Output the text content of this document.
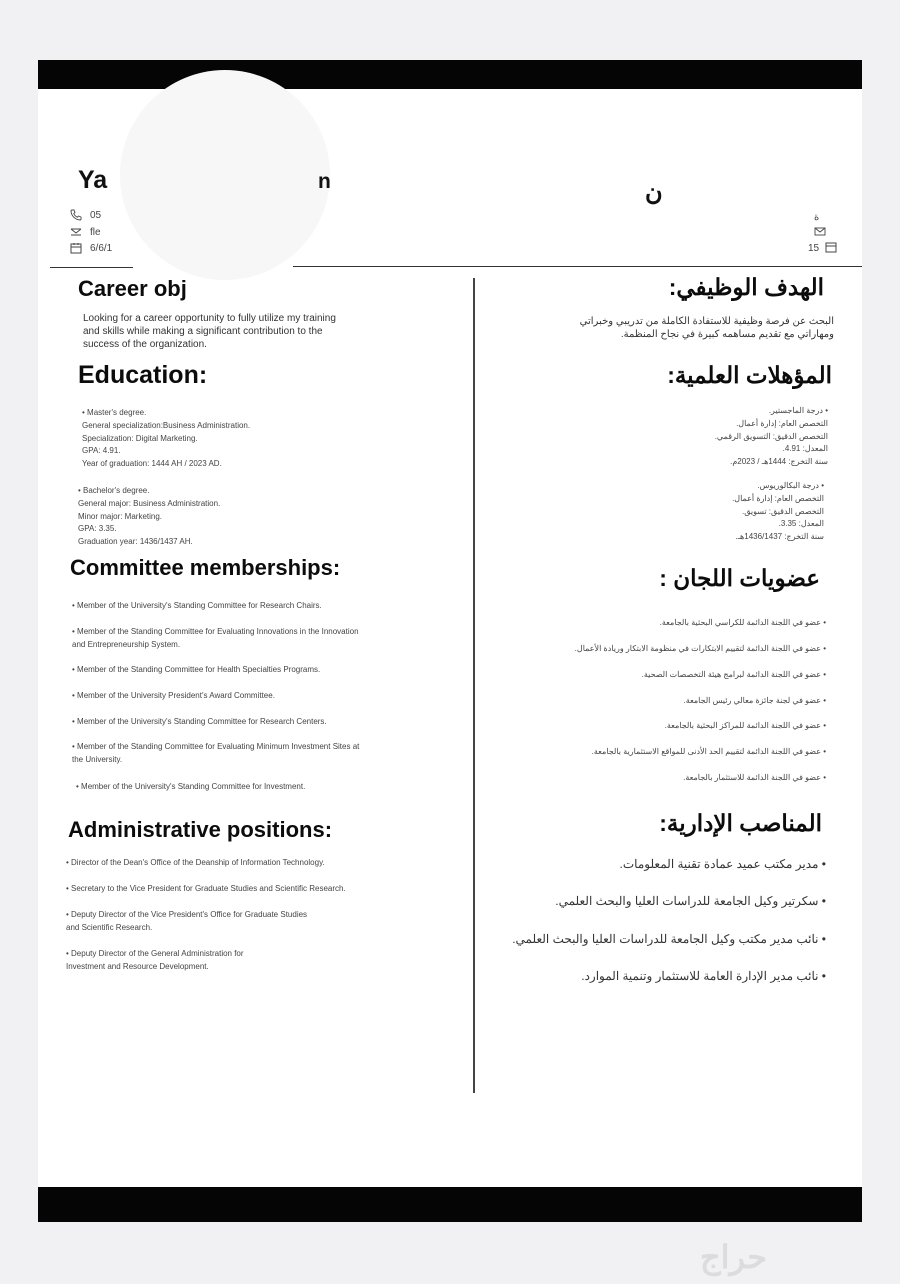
Ya	n	ن
05
fle
6/6/1
ة
15
Career obj	الهدف الوظيفي:
Looking for a career opportunity to fully utilize my training
and skills while making a significant contribution to the
success of the organization.
البحث عن فرصة وظيفية للاستفادة الكاملة من تدريبي وخبراتي
ومهاراتي مع تقديم مساهمه كبيرة في نجاح المنظمة.
Education:	المؤهلات العلمية:
• Master's degree.
General specialization:Business Administration.
Specialization: Digital Marketing.
GPA: 4.91.
Year of graduation: 1444 AH / 2023 AD.
• Bachelor's degree.
General major: Business Administration.
Minor major: Marketing.
GPA: 3.35.
Graduation year: 1436/1437 AH.
• درجة الماجستير.
التخصص العام: إدارة أعمال.
التخصص الدقيق: التسويق الرقمي.
المعدل: 4.91.
سنة التخرج: 1444هـ / 2023م.
• درجة البكالوريوس.
التخصص العام: إدارة أعمال.
التخصص الدقيق: تسويق.
المعدل: 3.35.
سنة التخرج: 1436/1437هـ.
Committee memberships:	عضويات اللجان :
• Member of the University's Standing Committee for Research Chairs.
• Member of the Standing Committee for Evaluating Innovations in the Innovation
and Entrepreneurship System.
• Member of the Standing Committee for Health Specialties Programs.
• Member of the University President's Award Committee.
• Member of the University's Standing Committee for Research Centers.
• Member of the Standing Committee for Evaluating Minimum Investment Sites at
the University.
• Member of the University's Standing Committee for Investment.
• عضو في اللجنة الدائمة للكراسي البحثية بالجامعة.
• عضو في اللجنة الدائمة لتقييم الابتكارات في منظومة الابتكار وريادة الأعمال.
• عضو في اللجنة الدائمة لبرامج هيئة التخصصات الصحية.
• عضو في لجنة جائزة معالي رئيس الجامعة.
• عضو في اللجنة الدائمة للمراكز البحثية بالجامعة.
• عضو في اللجنة الدائمة لتقييم الحد الأدنى للمواقع الاستثمارية بالجامعة.
• عضو في اللجنة الدائمة للاستثمار بالجامعة.
Administrative positions:	المناصب الإدارية:
• Director of the Dean's Office of the Deanship of Information Technology.
• Secretary to the Vice President for Graduate Studies and Scientific Research.
• Deputy Director of the Vice President's Office for Graduate Studies
and Scientific Research.
• Deputy Director of the General Administration for
Investment and Resource Development.
• مدير مكتب عميد عمادة تقنية المعلومات.
• سكرتير وكيل الجامعة للدراسات العليا والبحث العلمي.
• نائب مدير مكتب وكيل الجامعة للدراسات العليا والبحث العلمي.
• نائب مدير الإدارة العامة للاستثمار وتنمية الموارد.
حراج
